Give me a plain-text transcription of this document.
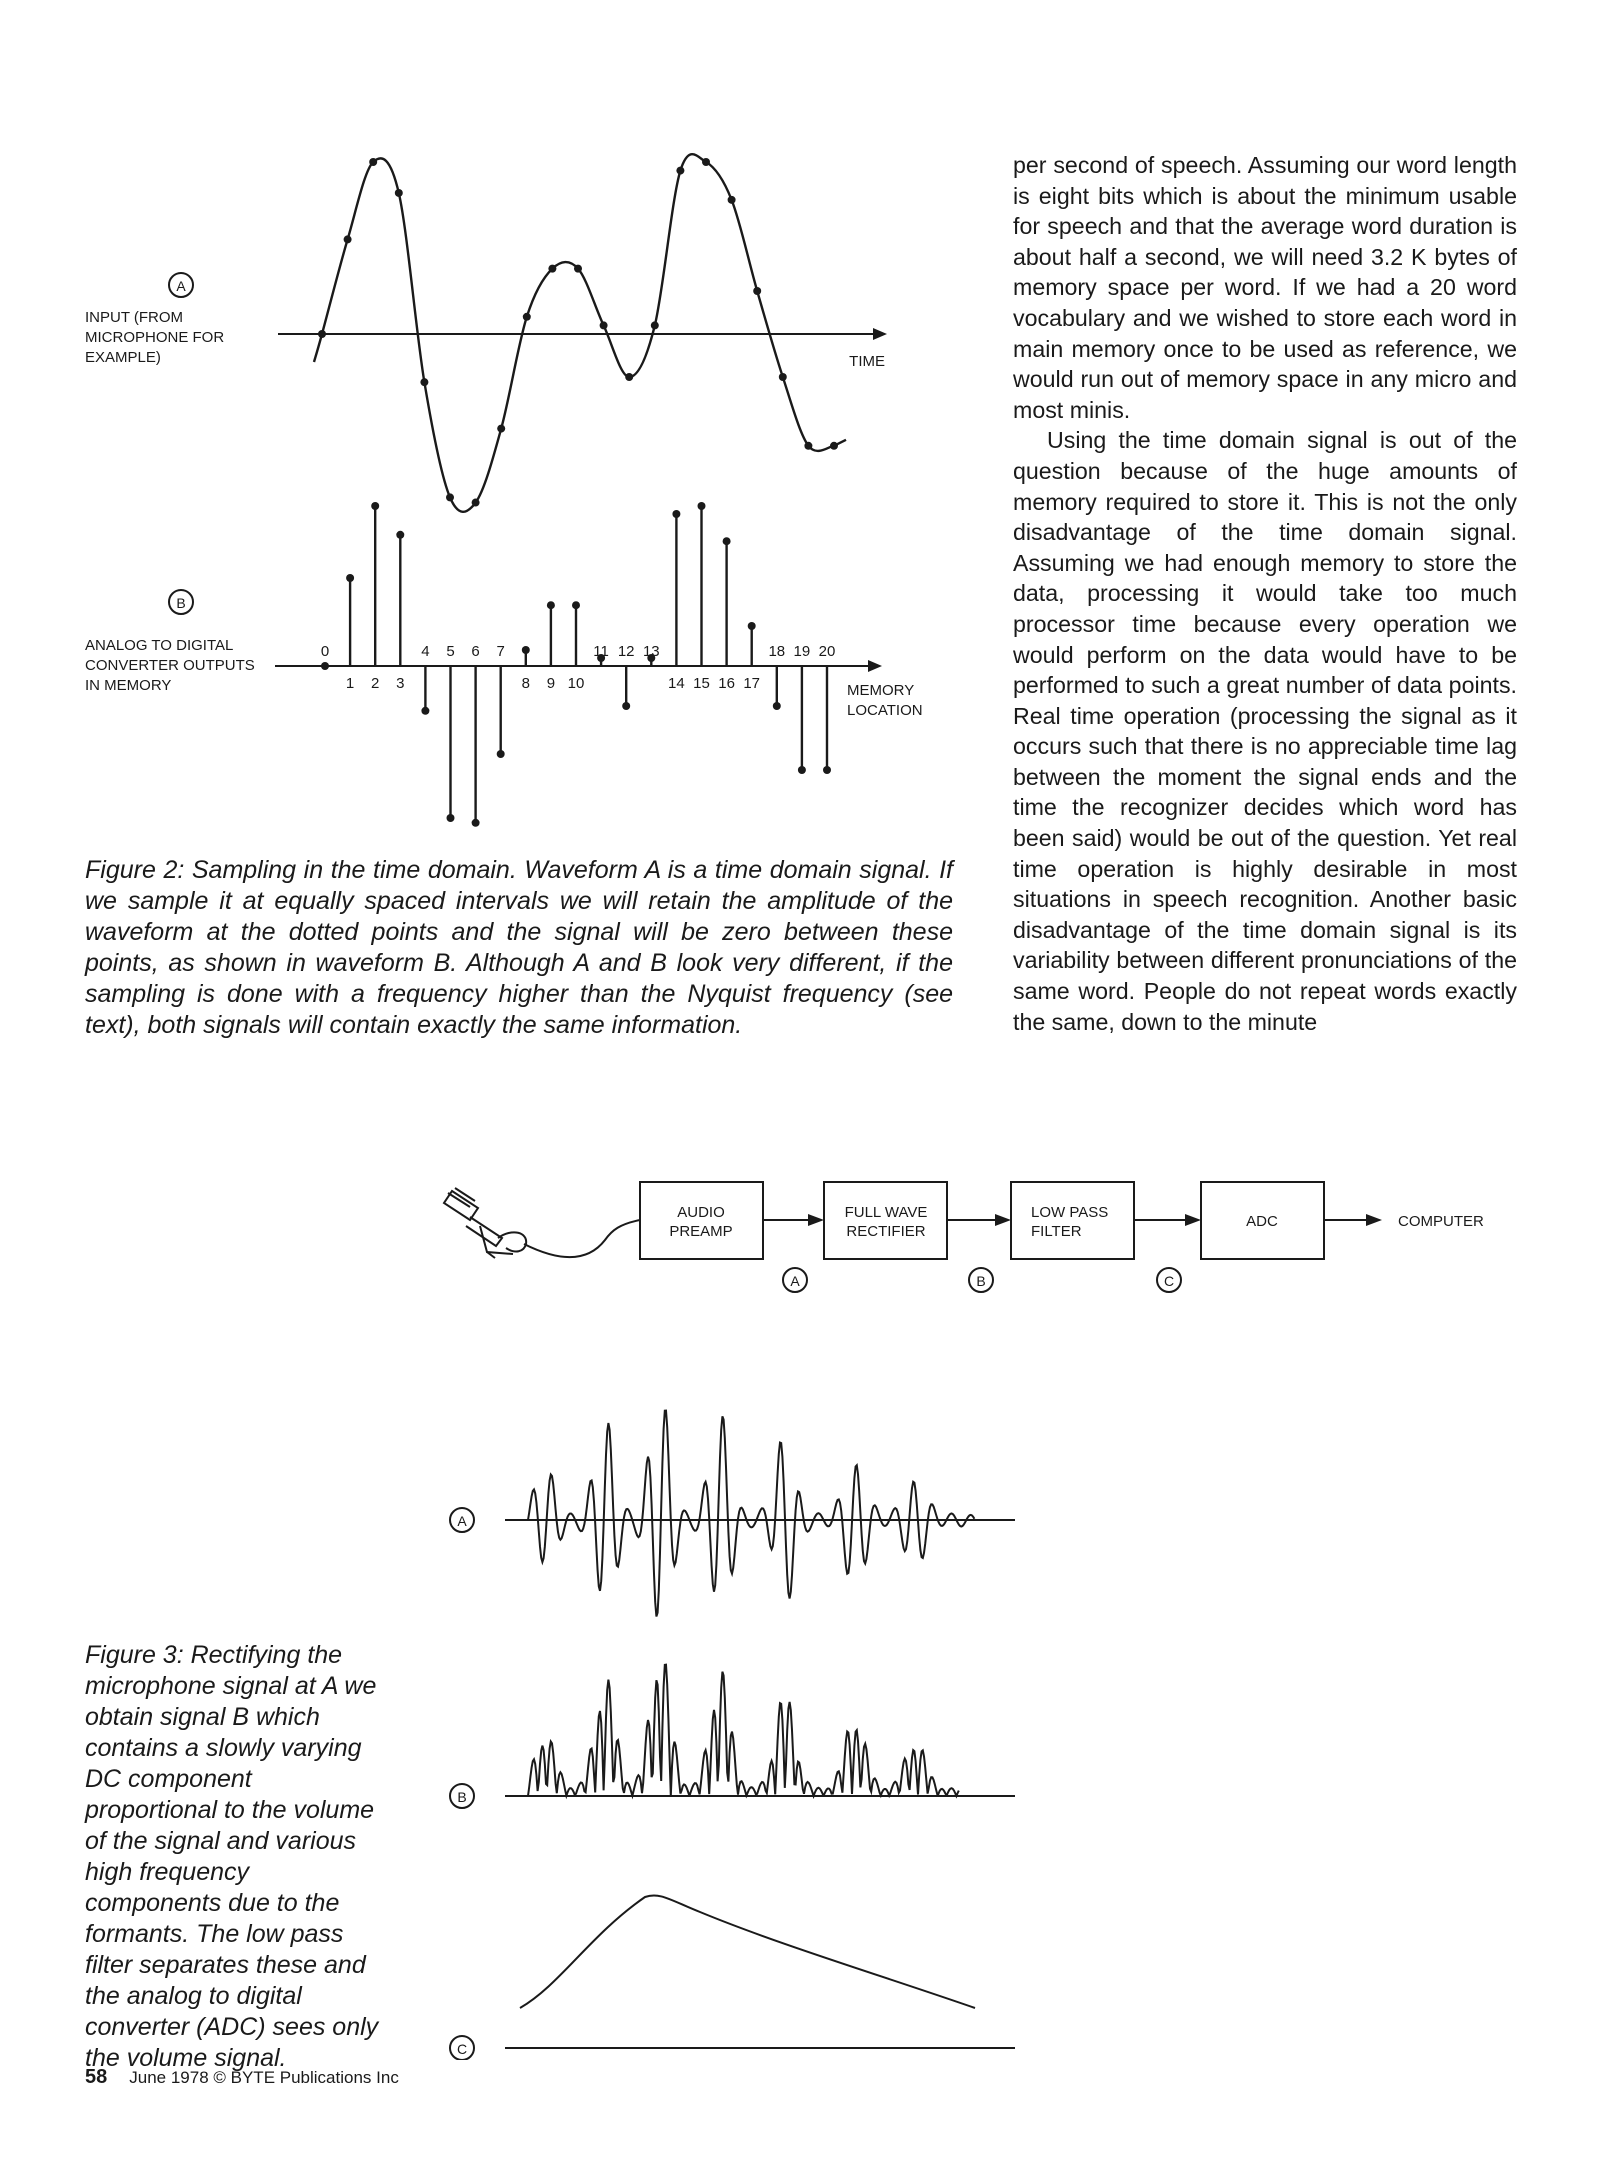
A
INPUT (FROM
MICROPHONE FOR
EXAMPLE)	TIME
B
ANALOG TO DIGITAL
CONVERTER OUTPUTS
IN MEMORY	MEMORY
LOCATION
0
1 2 3
4 5 6 7
8 9 10
11 12 13
14 15 16 17
18 19 20
Figure 2: Sampling in the time domain. Waveform A is a time domain signal. If we sample it at equally spaced intervals we will retain the amplitude of the waveform at the dotted points and the signal will be zero between these points, as shown in waveform B. Although A and B look very different, if the sampling is done with a frequency higher than the Nyquist frequency (see text), both signals will contain exactly the same information.

per second of speech. Assuming our word length is eight bits which is about the minimum usable for speech and that the average word duration is about half a second, we will need 3.2 K bytes of memory space per word. If we had a 20 word vocabulary and we wished to store each word in main memory once to be used as reference, we would run out of memory space in any micro and most minis.

Using the time domain signal is out of the question because of the huge amounts of memory required to store it. This is not the only disadvantage of the time domain signal. Assuming we had enough memory to store the data, processing it would take too much processor time because every operation we would perform on the data would have to be performed to such a great number of data points. Real time operation (processing the signal as it occurs such that there is no appreciable time lag between the moment the signal ends and the time the recognizer decides which word has been said) would be out of the question. Yet real time operation is highly desirable in most situations in speech recognition. Another basic disadvantage of the time domain signal is its variability between different pronunciations of the same word. People do not repeat words exactly the same, down to the minute

AUDIO
PREAMP
FULL WAVE
RECTIFIER
LOW PASS
FILTER
ADC	COMPUTER
A	B	C
A
B
C
Figure 3: Rectifying the microphone signal at A we obtain signal B which contains a slowly varying DC component proportional to the volume of the signal and various high frequency components due to the formants. The low pass filter separates these and the analog to digital converter (ADC) sees only the volume signal.
58 June 1978 © BYTE Publications Inc
